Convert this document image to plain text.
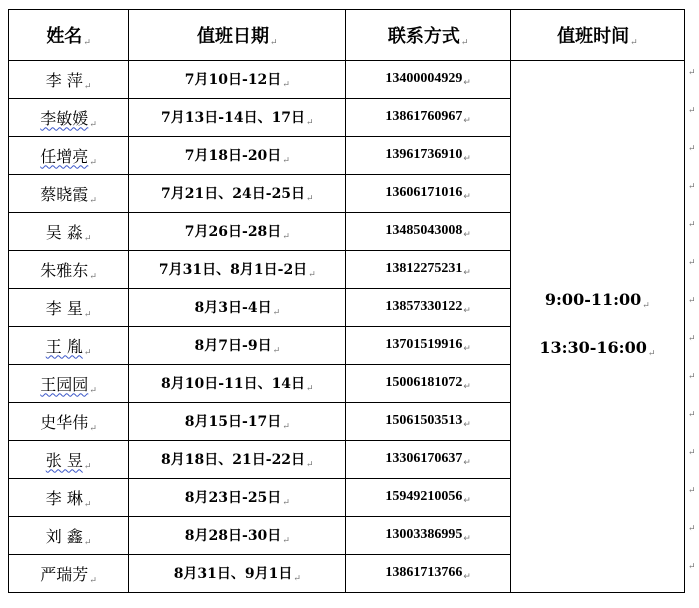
姓名↵	值班日期↵	联系方式↵	值班时间↵
李 萍↵	7月10日-12日↵	13400004929↵	9:00-11:00↵
13:30-16:00↵

李敏媛↵	7月13日-14日、17日↵	13861760967↵	
任增亮↵	7月18日-20日↵	13961736910↵	
蔡晓霞↵	7月21日、24日-25日↵	13606171016↵	
吴 淼↵	7月26日-28日↵	13485043008↵	
朱雅东↵	7月31日、8月1日-2日↵	13812275231↵	
李 星↵	8月3日-4日↵	13857330122↵	
王 胤↵	8月7日-9日↵	13701519916↵	
王园园↵	8月10日-11日、14日↵	15006181072↵	
史华伟↵	8月15日-17日↵	15061503513↵	
张 昱↵	8月18日、21日-22日↵	13306170637↵	
李 琳↵	8月23日-25日↵	15949210056↵	
刘 鑫↵	8月28日-30日↵	13003386995↵	
严瑞芳↵	8月31日、9月1日↵	13861713766↵	
↵
↵
↵
↵
↵
↵
↵
↵
↵
↵
↵
↵
↵
↵
